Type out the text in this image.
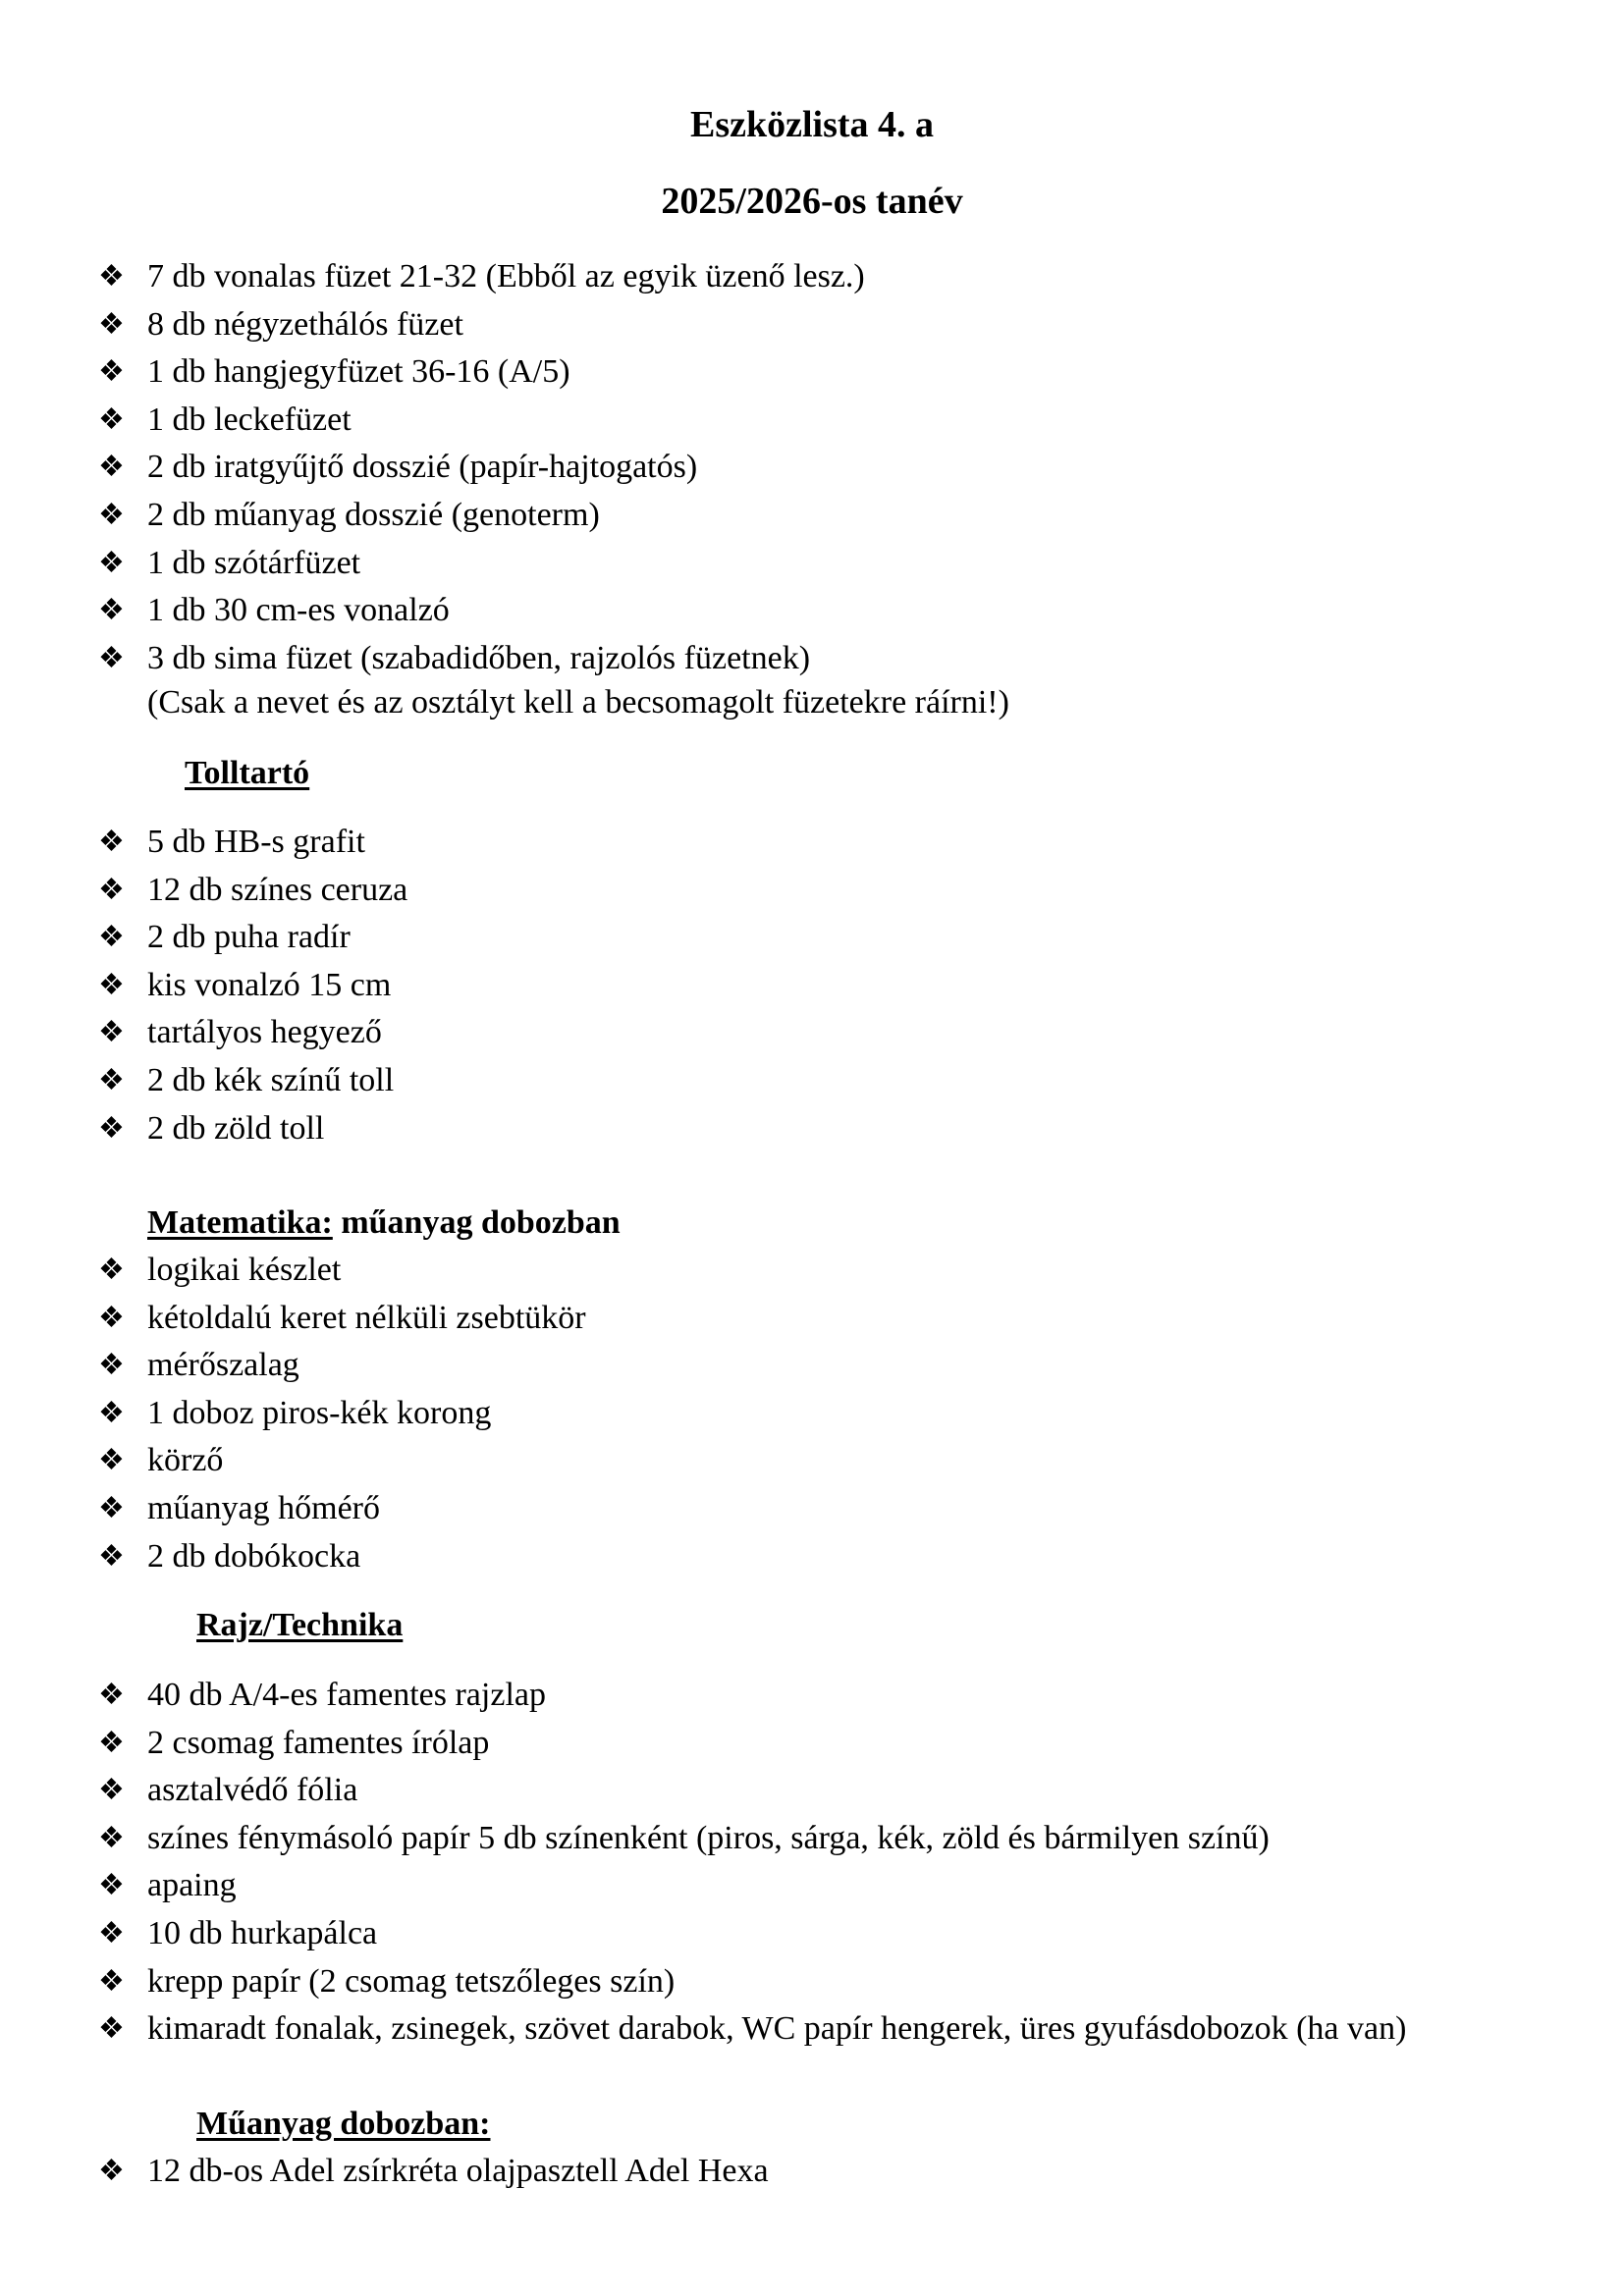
Eszközlista 4. a
2025/2026-os tanév
❖ 7 db vonalas füzet 21-32 (Ebből az egyik üzenő lesz.)
❖ 8 db négyzethálós füzet
❖ 1 db hangjegyfüzet 36-16 (A/5)
❖ 1 db leckefüzet
❖ 2 db iratgyűjtő dosszié (papír-hajtogatós)
❖ 2 db műanyag dosszié (genoterm)
❖ 1 db szótárfüzet
❖ 1 db 30 cm-es vonalzó
❖ 3 db sima füzet (szabadidőben, rajzolós füzetnek)
(Csak a nevet és az osztályt kell a becsomagolt füzetekre ráírni!)
Tolltartó
❖ 5 db HB-s grafit
❖ 12 db színes ceruza
❖ 2 db puha radír
❖ kis vonalzó 15 cm
❖ tartályos hegyező
❖ 2 db kék színű toll
❖ 2 db zöld toll
Matematika: műanyag dobozban
❖ logikai készlet
❖ kétoldalú keret nélküli zsebtükör
❖ mérőszalag
❖ 1 doboz piros-kék korong
❖ körző
❖ műanyag hőmérő
❖ 2 db dobókocka
Rajz/Technika
❖ 40 db A/4-es famentes rajzlap
❖ 2 csomag famentes írólap
❖ asztalvédő fólia
❖ színes fénymásoló papír 5 db színenként (piros, sárga, kék, zöld és bármilyen színű)
❖ apaing
❖ 10 db hurkapálca
❖ krepp papír (2 csomag tetszőleges szín)
❖ kimaradt fonalak, zsinegek, szövet darabok, WC papír hengerek, üres gyufásdobozok (ha van)
Műanyag dobozban:
❖ 12 db-os Adel zsírkréta olajpasztell Adel Hexa
